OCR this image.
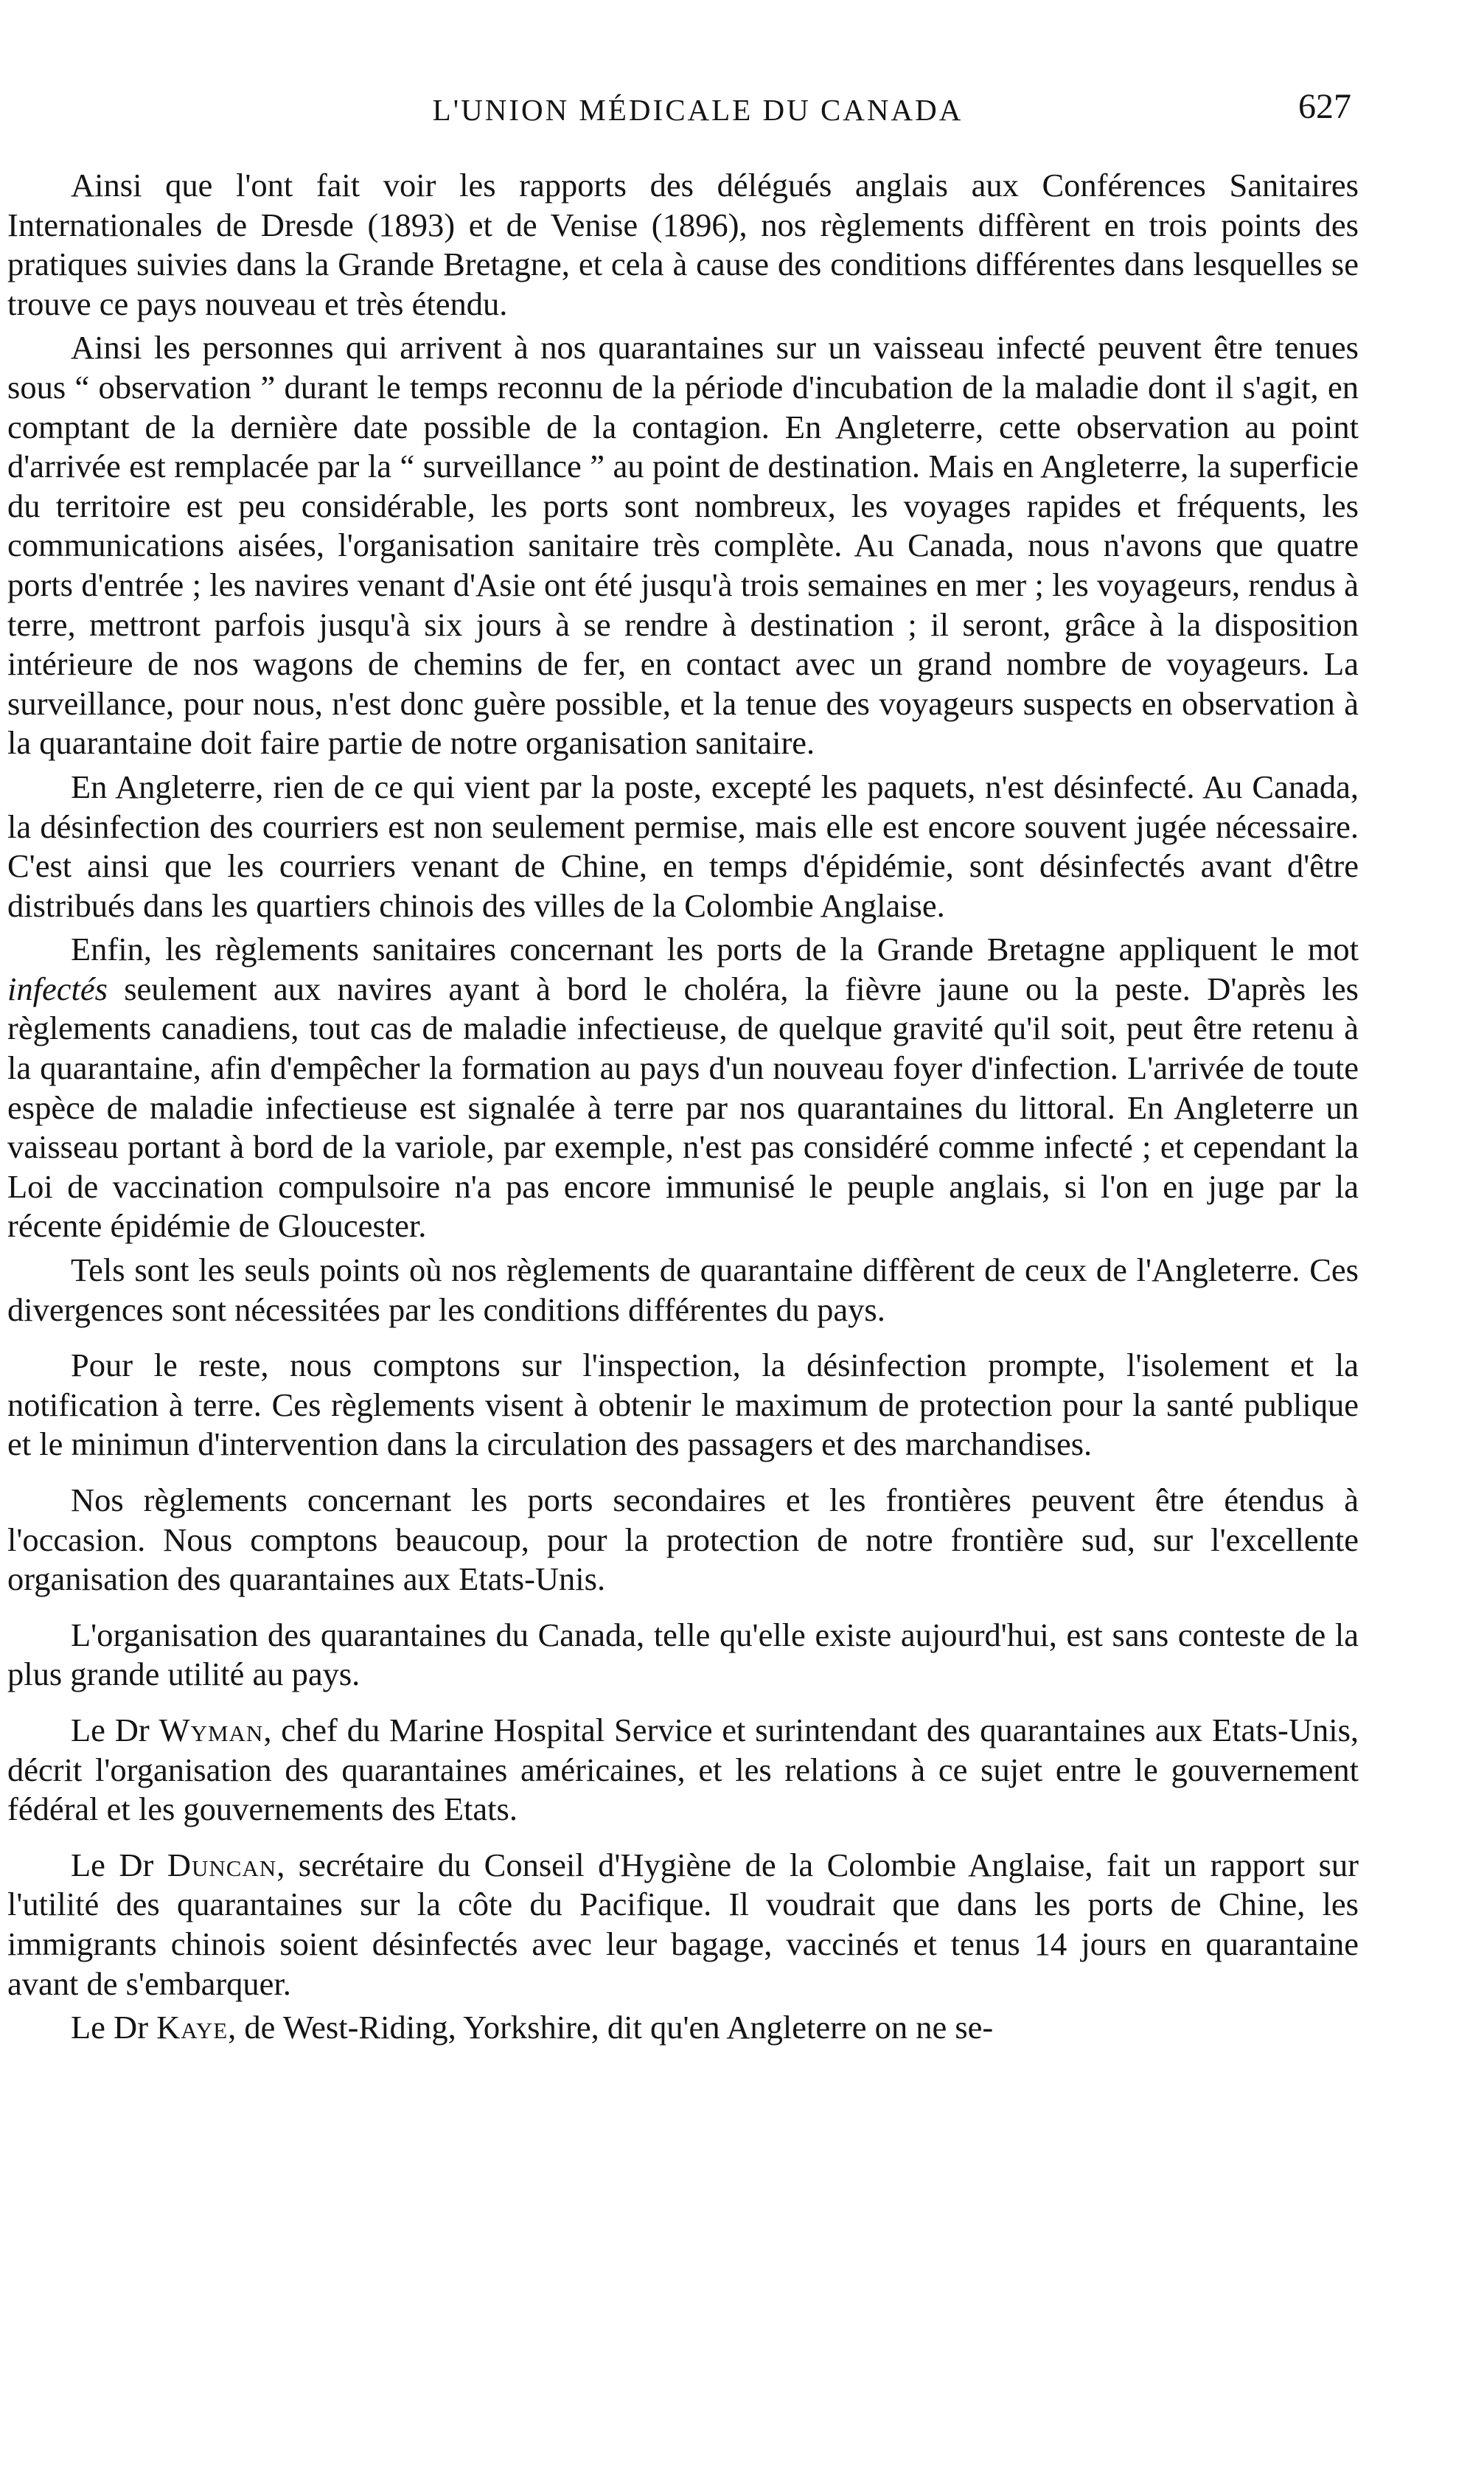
L'UNION MÉDICALE DU CANADA	627

Ainsi que l'ont fait voir les rapports des délégués anglais aux Conférences Sanitaires Internationales de Dresde (1893) et de Venise (1896), nos règlements diffèrent en trois points des pratiques suivies dans la Grande Bretagne, et cela à cause des conditions différentes dans lesquelles se trouve ce pays nouveau et très étendu.

Ainsi les personnes qui arrivent à nos quarantaines sur un vaisseau infecté peuvent être tenues sous “ observation ” durant le temps reconnu de la période d'incubation de la maladie dont il s'agit, en comptant de la dernière date possible de la contagion. En Angleterre, cette observation au point d'arrivée est remplacée par la “ surveillance ” au point de destination. Mais en Angleterre, la superficie du territoire est peu considérable, les ports sont nombreux, les voyages rapides et fréquents, les communications aisées, l'organisation sanitaire très complète. Au Canada, nous n'avons que quatre ports d'entrée ; les navires venant d'Asie ont été jusqu'à trois semaines en mer ; les voyageurs, rendus à terre, mettront parfois jusqu'à six jours à se rendre à destination ; il seront, grâce à la disposition intérieure de nos wagons de chemins de fer, en contact avec un grand nombre de voyageurs. La surveillance, pour nous, n'est donc guère possible, et la tenue des voyageurs suspects en observation à la quarantaine doit faire partie de notre organisation sanitaire.

En Angleterre, rien de ce qui vient par la poste, excepté les paquets, n'est désinfecté. Au Canada, la désinfection des courriers est non seulement permise, mais elle est encore souvent jugée nécessaire. C'est ainsi que les courriers venant de Chine, en temps d'épidémie, sont désinfectés avant d'être distribués dans les quartiers chinois des villes de la Colombie Anglaise.

Enfin, les règlements sanitaires concernant les ports de la Grande Bretagne appliquent le mot infectés seulement aux navires ayant à bord le choléra, la fièvre jaune ou la peste. D'après les règlements canadiens, tout cas de maladie infectieuse, de quelque gravité qu'il soit, peut être retenu à la quarantaine, afin d'empêcher la formation au pays d'un nouveau foyer d'infection. L'arrivée de toute espèce de maladie infectieuse est signalée à terre par nos quarantaines du littoral. En Angleterre un vaisseau portant à bord de la variole, par exemple, n'est pas considéré comme infecté ; et cependant la Loi de vaccination compulsoire n'a pas encore immunisé le peuple anglais, si l'on en juge par la récente épidémie de Gloucester.

Tels sont les seuls points où nos règlements de quarantaine diffèrent de ceux de l'Angleterre. Ces divergences sont nécessitées par les conditions différentes du pays.

Pour le reste, nous comptons sur l'inspection, la désinfection prompte, l'isolement et la notification à terre. Ces règlements visent à obtenir le maximum de protection pour la santé publique et le minimun d'intervention dans la circulation des passagers et des marchandises.

Nos règlements concernant les ports secondaires et les frontières peuvent être étendus à l'occasion. Nous comptons beaucoup, pour la protection de notre frontière sud, sur l'excellente organisation des quarantaines aux Etats-Unis.

L'organisation des quarantaines du Canada, telle qu'elle existe aujourd'hui, est sans conteste de la plus grande utilité au pays.

Le Dr Wyman, chef du Marine Hospital Service et surintendant des quarantaines aux Etats-Unis, décrit l'organisation des quarantaines américaines, et les relations à ce sujet entre le gouvernement fédéral et les gouvernements des Etats.

Le Dr Duncan, secrétaire du Conseil d'Hygiène de la Colombie Anglaise, fait un rapport sur l'utilité des quarantaines sur la côte du Pacifique. Il voudrait que dans les ports de Chine, les immigrants chinois soient désinfectés avec leur bagage, vaccinés et tenus 14 jours en quarantaine avant de s'embarquer.

Le Dr Kaye, de West-Riding, Yorkshire, dit qu'en Angleterre on ne se-
